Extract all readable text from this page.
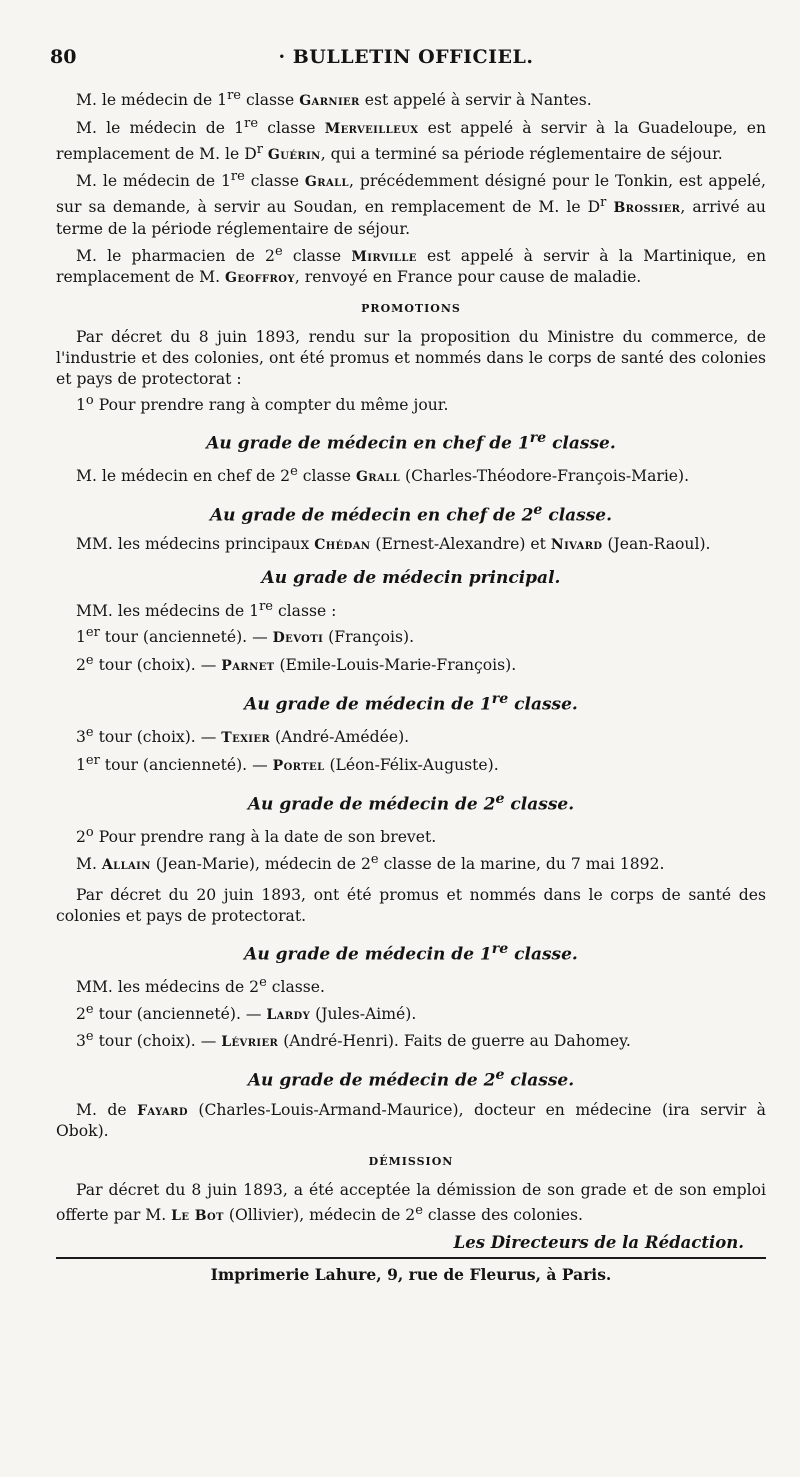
80	· BULLETIN OFFICIEL.

M. le médecin de 1re classe Garnier est appelé à servir à Nantes.

M. le médecin de 1re classe Merveilleux est appelé à servir à la Guadeloupe, en remplacement de M. le $D^r$ Guérin, qui a terminé sa période réglementaire de séjour.

M. le médecin de 1re classe Grall, précédemment désigné pour le Tonkin, est appelé, sur sa demande, à servir au Soudan, en remplacement de M. le $D^r$ Brossier, arrivé au terme de la période réglementaire de séjour.

M. le pharmacien de 2e classe Mirville est appelé à servir à la Martinique, en remplacement de M. Geoffroy, renvoyé en France pour cause de maladie.

PROMOTIONS

Par décret du 8 juin 1893, rendu sur la proposition du Ministre du commerce, de l'industrie et des colonies, ont été promus et nommés dans le corps de santé des colonies et pays de protectorat :

1$^o$ Pour prendre rang à compter du même jour.

Au grade de médecin en chef de 1re classe.

M. le médecin en chef de 2e classe Grall (Charles-Théodore-François-Marie).

Au grade de médecin en chef de 2e classe.

MM. les médecins principaux Chédan (Ernest-Alexandre) et Nivard (Jean-Raoul).

Au grade de médecin principal.

MM. les médecins de 1re classe :

1er tour (ancienneté). — Devoti (François).

2e tour (choix). — Parnet (Emile-Louis-Marie-François).

Au grade de médecin de 1re classe.

3e tour (choix). — Texier (André-Amédée).

1er tour (ancienneté). — Portel (Léon-Félix-Auguste).

Au grade de médecin de 2e classe.

2$^o$ Pour prendre rang à la date de son brevet.

M. Allain (Jean-Marie), médecin de 2e classe de la marine, du 7 mai 1892.

Par décret du 20 juin 1893, ont été promus et nommés dans le corps de santé des colonies et pays de protectorat.

Au grade de médecin de 1re classe.

MM. les médecins de 2e classe.

2e tour (ancienneté). — Lardy (Jules-Aimé).

3e tour (choix). — Lévrier (André-Henri). Faits de guerre au Dahomey.

Au grade de médecin de 2e classe.

M. de Fayard (Charles-Louis-Armand-Maurice), docteur en médecine (ira servir à Obok).

DÉMISSION

Par décret du 8 juin 1893, a été acceptée la démission de son grade et de son emploi offerte par M. Le Bot (Ollivier), médecin de 2e classe des colonies.

Les Directeurs de la Rédaction.
Imprimerie Lahure, 9, rue de Fleurus, à Paris.
